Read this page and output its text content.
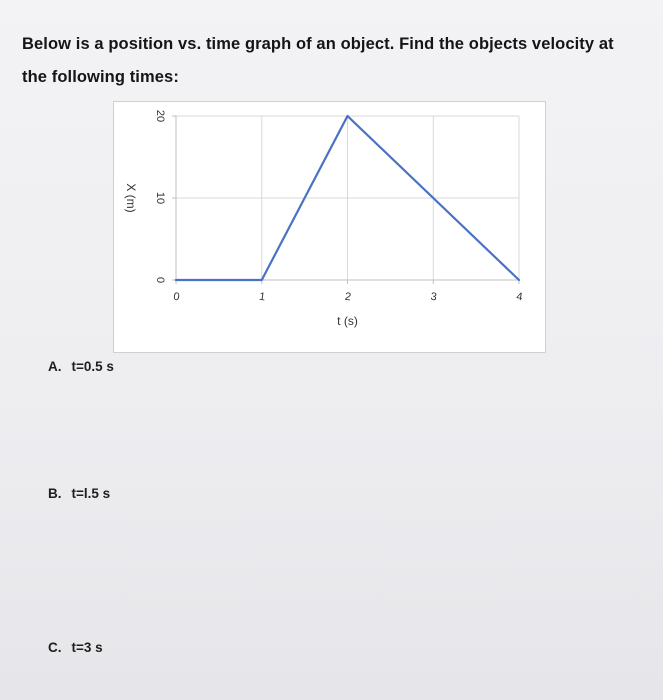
Below is a position vs. time graph of an object. Find the objects velocity at the following times:

0
10
20
0	1	2	3	4
t (s)
X (m)
A. t=0.5 s
B. t=l.5 s
C. t=3 s
